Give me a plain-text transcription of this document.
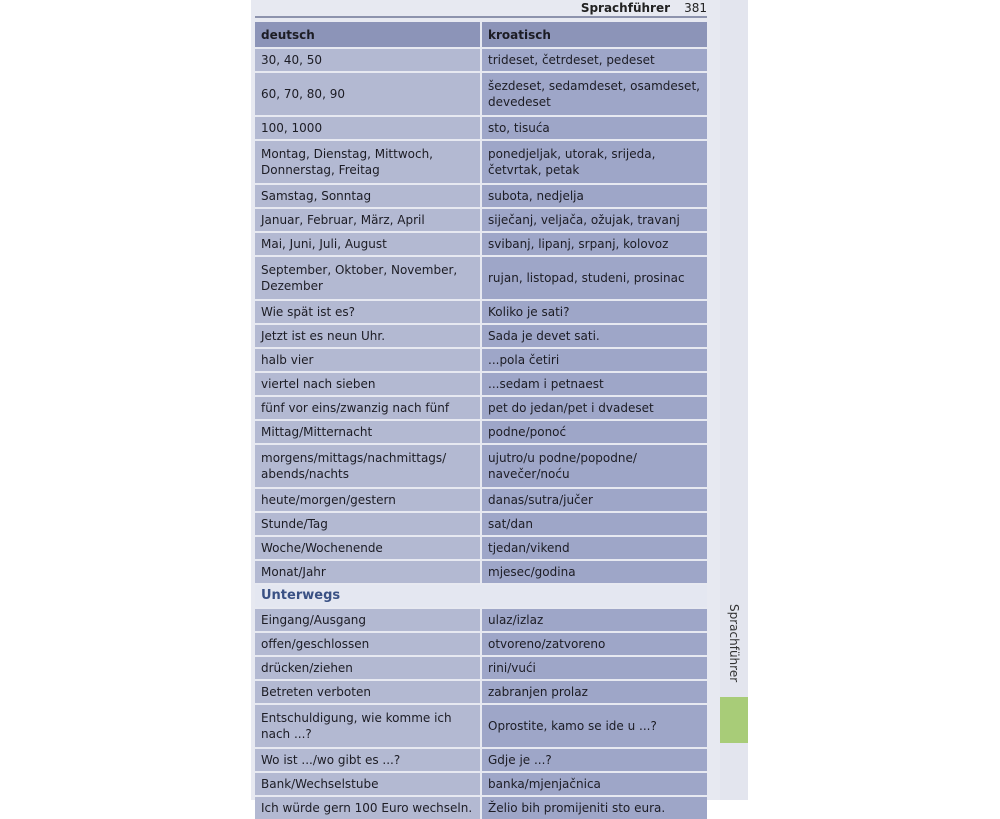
Sprachführer 381
deutsch	kroatisch
30, 40, 50	trideset, četrdeset, pedeset
60, 70, 80, 90	šezdeset, sedamdeset, osamdeset, devedeset
100, 1000	sto, tisuća
Montag, Dienstag, Mittwoch, Donnerstag, Freitag	ponedjeljak, utorak, srijeda, četvrtak, petak
Samstag, Sonntag	subota, nedjelja
Januar, Februar, März, April	siječanj, veljača, ožujak, travanj
Mai, Juni, Juli, August	svibanj, lipanj, srpanj, kolovoz
September, Oktober, November, Dezember	rujan, listopad, studeni, prosinac
Wie spät ist es?	Koliko je sati?
Jetzt ist es neun Uhr.	Sada je devet sati.
halb vier	...pola četiri
viertel nach sieben	...sedam i petnaest
fünf vor eins/zwanzig nach fünf	pet do jedan/pet i dvadeset
Mittag/Mitternacht	podne/ponoć
morgens/mittags/nachmittags/ abends/nachts	ujutro/u podne/popodne/ navečer/noću
heute/morgen/gestern	danas/sutra/jučer
Stunde/Tag	sat/dan
Woche/Wochenende	tjedan/vikend
Monat/Jahr	mjesec/godina
Unterwegs	
Eingang/Ausgang	ulaz/izlaz
offen/geschlossen	otvoreno/zatvoreno
drücken/ziehen	rini/vući
Betreten verboten	zabranjen prolaz
Entschuldigung, wie komme ich nach ...?	Oprostite, kamo se ide u ...?
Wo ist .../wo gibt es ...?	Gdje je ...?
Bank/Wechselstube	banka/mjenjačnica
Ich würde gern 100 Euro wechseln.	Želio bih promijeniti sto eura.
Sprachführer
